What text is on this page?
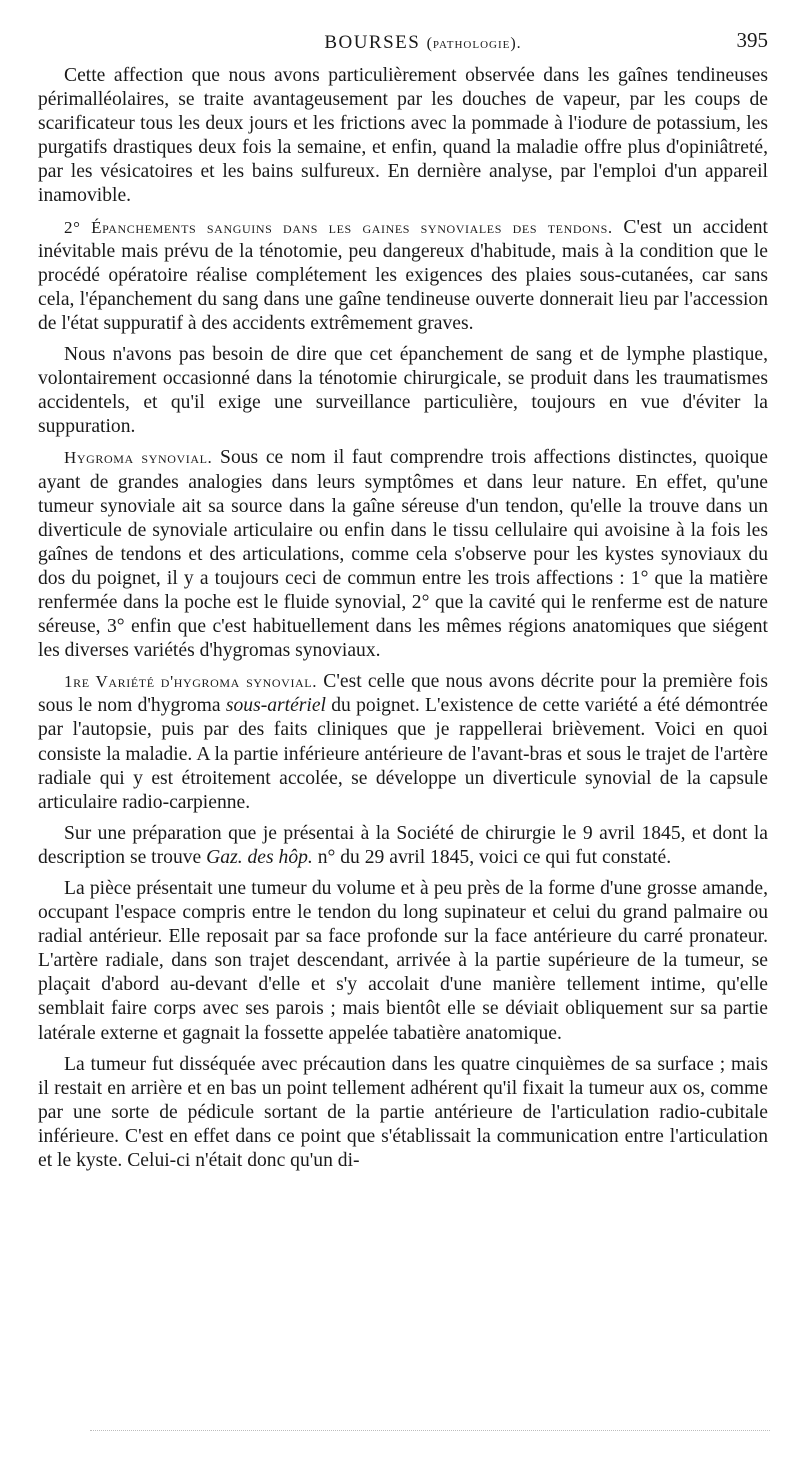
BOURSES (pathologie).	395

Cette affection que nous avons particulièrement observée dans les gaînes tendineuses périmalléolaires, se traite avantageusement par les douches de vapeur, par les coups de scarificateur tous les deux jours et les frictions avec la pommade à l'iodure de potassium, les purgatifs drastiques deux fois la semaine, et enfin, quand la maladie offre plus d'opiniâtreté, par les vésicatoires et les bains sulfureux. En dernière analyse, par l'emploi d'un appareil inamovible.

2° Épanchements sanguins dans les gaines synoviales des tendons. C'est un accident inévitable mais prévu de la ténotomie, peu dangereux d'habitude, mais à la condition que le procédé opératoire réalise complétement les exigences des plaies sous-cutanées, car sans cela, l'épanchement du sang dans une gaîne tendineuse ouverte donnerait lieu par l'accession de l'état suppuratif à des accidents extrêmement graves.

Nous n'avons pas besoin de dire que cet épanchement de sang et de lymphe plastique, volontairement occasionné dans la ténotomie chirurgicale, se produit dans les traumatismes accidentels, et qu'il exige une surveillance particulière, toujours en vue d'éviter la suppuration.

Hygroma synovial. Sous ce nom il faut comprendre trois affections distinctes, quoique ayant de grandes analogies dans leurs symptômes et dans leur nature. En effet, qu'une tumeur synoviale ait sa source dans la gaîne séreuse d'un tendon, qu'elle la trouve dans un diverticule de synoviale articulaire ou enfin dans le tissu cellulaire qui avoisine à la fois les gaînes de tendons et des articulations, comme cela s'observe pour les kystes synoviaux du dos du poignet, il y a toujours ceci de commun entre les trois affections : 1° que la matière renfermée dans la poche est le fluide synovial, 2° que la cavité qui le renferme est de nature séreuse, 3° enfin que c'est habituellement dans les mêmes régions anatomiques que siégent les diverses variétés d'hygromas synoviaux.

1re Variété d'hygroma synovial. C'est celle que nous avons décrite pour la première fois sous le nom d'hygroma sous-artériel du poignet. L'existence de cette variété a été démontrée par l'autopsie, puis par des faits cliniques que je rappellerai brièvement. Voici en quoi consiste la maladie. A la partie inférieure antérieure de l'avant-bras et sous le trajet de l'artère radiale qui y est étroitement accolée, se développe un diverticule synovial de la capsule articulaire radio-carpienne.

Sur une préparation que je présentai à la Société de chirurgie le 9 avril 1845, et dont la description se trouve Gaz. des hôp. n° du 29 avril 1845, voici ce qui fut constaté.

La pièce présentait une tumeur du volume et à peu près de la forme d'une grosse amande, occupant l'espace compris entre le tendon du long supinateur et celui du grand palmaire ou radial antérieur. Elle reposait par sa face profonde sur la face antérieure du carré pronateur. L'artère radiale, dans son trajet descendant, arrivée à la partie supérieure de la tumeur, se plaçait d'abord au-devant d'elle et s'y accolait d'une manière tellement intime, qu'elle semblait faire corps avec ses parois ; mais bientôt elle se déviait obliquement sur sa partie latérale externe et gagnait la fossette appelée tabatière anatomique.

La tumeur fut disséquée avec précaution dans les quatre cinquièmes de sa surface ; mais il restait en arrière et en bas un point tellement adhérent qu'il fixait la tumeur aux os, comme par une sorte de pédicule sortant de la partie antérieure de l'articulation radio-cubitale inférieure. C'est en effet dans ce point que s'établissait la communication entre l'articulation et le kyste. Celui-ci n'était donc qu'un di-
